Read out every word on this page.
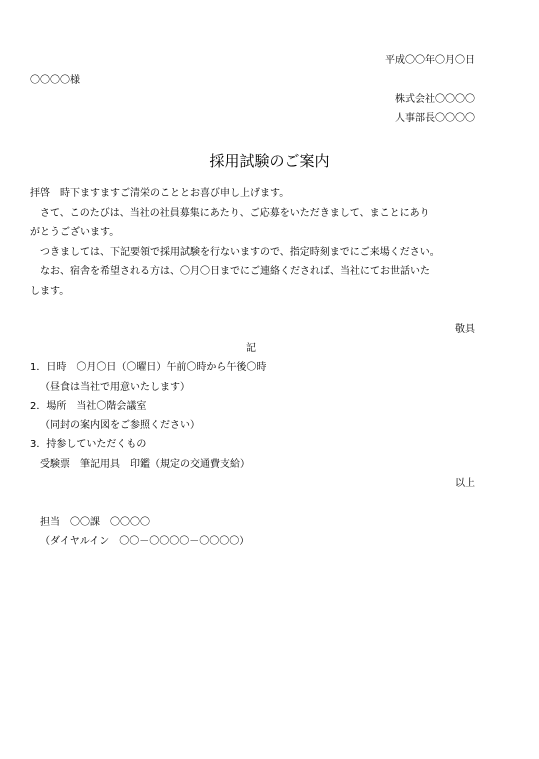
平成〇〇年〇月〇日
〇〇〇〇様
株式会社〇〇〇〇
人事部長〇〇〇〇
採用試験のご案内
拝啓　時下ますますご清栄のこととお喜び申し上げます。
　さて、このたびは、当社の社員募集にあたり、ご応募をいただきまして、まことにあり
がとうございます。
　つきましては、下記要領で採用試験を行ないますので、指定時刻までにご来場ください。
　なお、宿舎を希望される方は、〇月〇日までにご連絡くだされば、当社にてお世話いた
します。
敬具
記
1．日時　〇月〇日（〇曜日）午前〇時から午後〇時
（昼食は当社で用意いたします）
2．場所　当社〇階会議室
（同封の案内図をご参照ください）
3．持参していただくもの
受験票　筆記用具　印鑑（規定の交通費支給）
以上
担当　〇〇課　〇〇〇〇
（ダイヤルイン　〇〇－〇〇〇〇－〇〇〇〇）
